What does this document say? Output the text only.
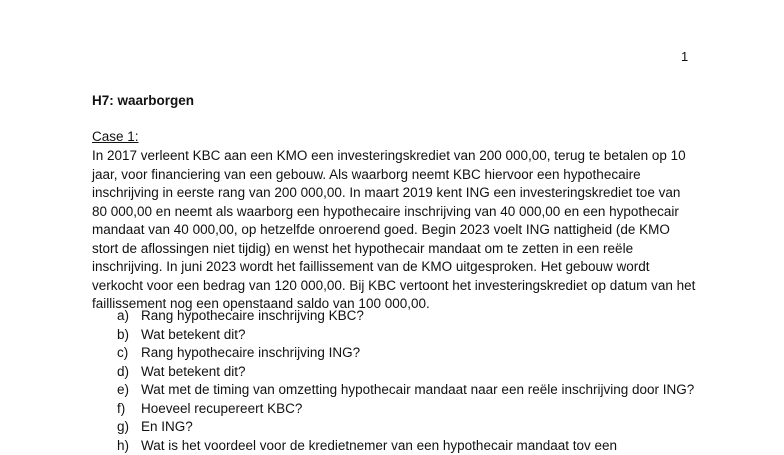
1
H7: waarborgen
Case 1:
In 2017 verleent KBC aan een KMO een investeringskrediet van 200 000,00, terug te betalen op 10
jaar, voor financiering van een gebouw. Als waarborg neemt KBC hiervoor een hypothecaire
inschrijving in eerste rang van 200 000,00. In maart 2019 kent ING een investeringskrediet toe van
80 000,00 en neemt als waarborg een hypothecaire inschrijving van 40 000,00 en een hypothecair
mandaat van 40 000,00, op hetzelfde onroerend goed. Begin 2023 voelt ING nattigheid (de KMO
stort de aflossingen niet tijdig) en wenst het hypothecair mandaat om te zetten in een reële
inschrijving. In juni 2023 wordt het faillissement van de KMO uitgesproken. Het gebouw wordt
verkocht voor een bedrag van 120 000,00. Bij KBC vertoont het investeringskrediet op datum van het
faillissement nog een openstaand saldo van 100 000,00.
a) Rang hypothecaire inschrijving KBC?
b) Wat betekent dit?
c) Rang hypothecaire inschrijving ING?
d) Wat betekent dit?
e) Wat met de timing van omzetting hypothecair mandaat naar een reële inschrijving door ING?
f)	Hoeveel recupereert KBC?
g) En ING?
h) Wat is het voordeel voor de kredietnemer van een hypothecair mandaat tov een
